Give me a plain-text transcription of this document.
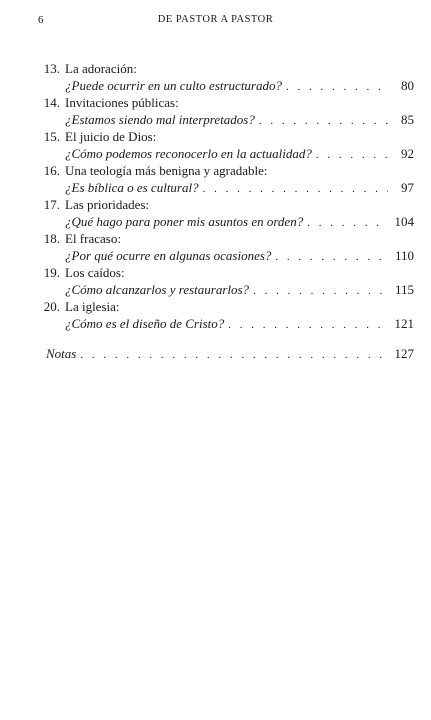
6	DE PASTOR A PASTOR
13. La adoración:
¿Puede ocurrir en un culto estructurado? . . .	80
14. Invitaciones públicas:
¿Estamos siendo mal interpretados? . . .	85
15. El juicio de Dios:
¿Cómo podemos reconocerlo en la actualidad? . . .	92
16. Una teología más benigna y agradable:
¿Es bíblica o es cultural? . . .	97
17. Las prioridades:
¿Qué hago para poner mis asuntos en orden? . . .	104
18. El fracaso:
¿Por qué ocurre en algunas ocasiones? . . .	110
19. Los caídos:
¿Cómo alcanzarlos y restaurarlos? . . .	115
20. La iglesia:
¿Cómo es el diseño de Cristo? . . .	121
Notas . . .	127
